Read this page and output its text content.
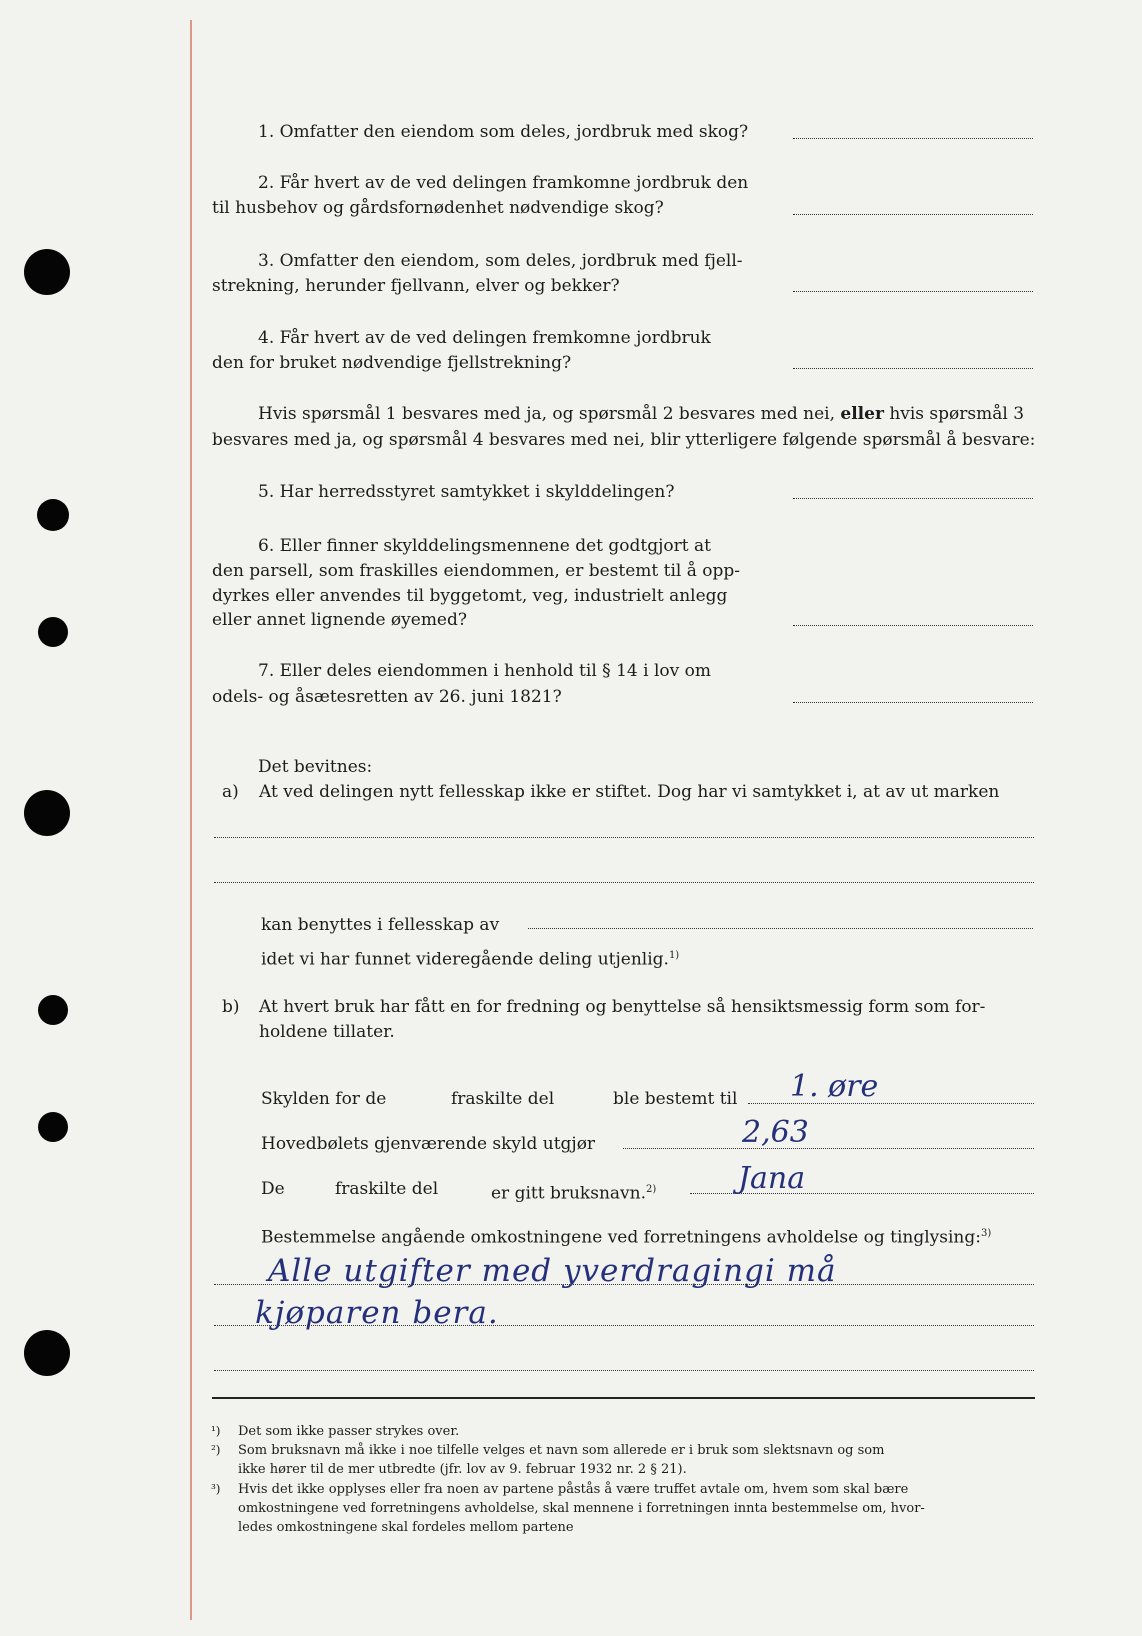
1. Omfatter den eiendom som deles, jordbruk med skog?
2. Får hvert av de ved delingen framkomne jordbruk den
til husbehov og gårdsfornødenhet nødvendige skog?
3. Omfatter den eiendom, som deles, jordbruk med fjell-
strekning, herunder fjellvann, elver og bekker?
4. Får hvert av de ved delingen fremkomne jordbruk
den for bruket nødvendige fjellstrekning?
Hvis spørsmål 1 besvares med ja, og spørsmål 2 besvares med nei, eller hvis spørsmål 3
besvares med ja, og spørsmål 4 besvares med nei, blir ytterligere følgende spørsmål å besvare:
5. Har herredsstyret samtykket i skylddelingen?
6. Eller finner skylddelingsmennene det godtgjort at
den parsell, som fraskilles eiendommen, er bestemt til å opp-
dyrkes eller anvendes til byggetomt, veg, industrielt anlegg
eller annet lignende øyemed?
7. Eller deles eiendommen i henhold til § 14 i lov om
odels- og åsætesretten av 26. juni 1821?
Det bevitnes:
a) At ved delingen nytt fellesskap ikke er stiftet. Dog har vi samtykket i, at av ut marken
kan benyttes i fellesskap av
idet vi har funnet videregående deling utjenlig.$^{1)}$
b) At hvert bruk har fått en for fredning og benyttelse så hensiktsmessig form som for-
holdene tillater.
Skylden for de	fraskilte del	ble bestemt til 1. øre
Hovedbølets gjenværende skyld utgjør	2,63
De	fraskilte del	er gitt bruksnavn.$^{2)}$	Jana
Bestemmelse angående omkostningene ved forretningens avholdelse og tinglysing:$^{3)}$
Alle utgifter med yverdragingi må
kjøparen bera.
¹) Det som ikke passer strykes over.
²) Som bruksnavn må ikke i noe tilfelle velges et navn som allerede er i bruk som slektsnavn og som
ikke hører til de mer utbredte (jfr. lov av 9. februar 1932 nr. 2 § 21).
³) Hvis det ikke opplyses eller fra noen av partene påstås å være truffet avtale om, hvem som skal bære
omkostningene ved forretningens avholdelse, skal mennene i forretningen innta bestemmelse om, hvor-
ledes omkostningene skal fordeles mellom partene
